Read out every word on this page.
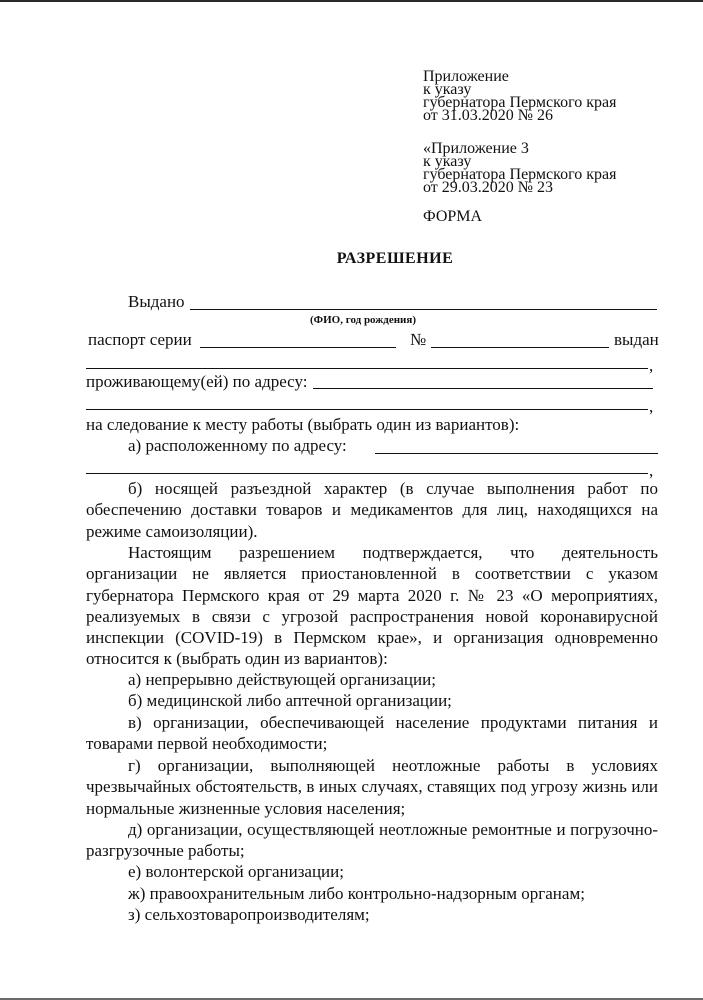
Приложение
к указу
губернатора Пермского края
от 31.03.2020 № 26
«Приложение 3
к указу
губернатора Пермского края
от 29.03.2020 № 23
ФОРМА
РАЗРЕШЕНИЕ
Выдано
(ФИО, год рождения)
паспорт серии	№	выдан
,
проживающему(ей) по адресу:
,
на следование к месту работы (выбрать один из вариантов):
а) расположенному по адресу:
,
б) носящей разъездной характер (в случае выполнения работ по обеспечению доставки товаров и медикаментов для лиц, находящихся на режиме самоизоляции).
Настоящим разрешением подтверждается, что деятельность организации не является приостановленной в соответствии с указом губернатора Пермского края от 29 марта 2020 г. № 23 «О мероприятиях, реализуемых в связи с угрозой распространения новой коронавирусной инспекции (COVID-19) в Пермском крае», и организация одновременно относится к (выбрать один из вариантов):
а) непрерывно действующей организации;
б) медицинской либо аптечной организации;
в) организации, обеспечивающей население продуктами питания и товарами первой необходимости;
г) организации, выполняющей неотложные работы в условиях чрезвычайных обстоятельств, в иных случаях, ставящих под угрозу жизнь или нормальные жизненные условия населения;
д) организации, осуществляющей неотложные ремонтные и погрузочно-разгрузочные работы;
е) волонтерской организации;
ж) правоохранительным либо контрольно-надзорным органам;
з) сельхозтоваропроизводителям;
